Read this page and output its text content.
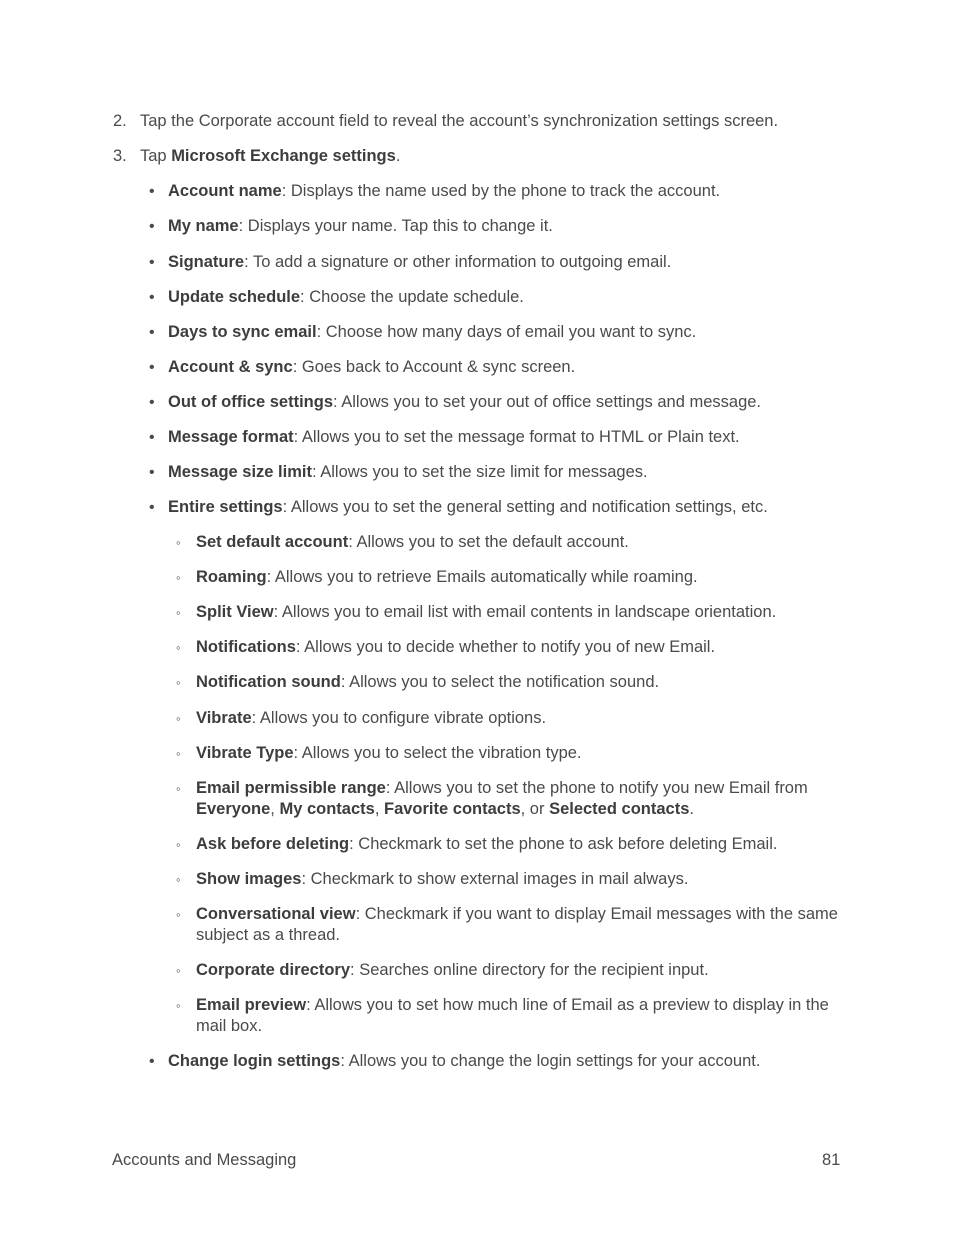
2. Tap the Corporate account field to reveal the account’s synchronization settings screen.
3. Tap Microsoft Exchange settings.
• Account name: Displays the name used by the phone to track the account.
• My name: Displays your name. Tap this to change it.
• Signature: To add a signature or other information to outgoing email.
• Update schedule: Choose the update schedule.
• Days to sync email: Choose how many days of email you want to sync.
• Account & sync: Goes back to Account & sync screen.
• Out of office settings: Allows you to set your out of office settings and message.
• Message format: Allows you to set the message format to HTML or Plain text.
• Message size limit: Allows you to set the size limit for messages.
• Entire settings: Allows you to set the general setting and notification settings, etc.
◦ Set default account: Allows you to set the default account.
◦ Roaming: Allows you to retrieve Emails automatically while roaming.
◦ Split View: Allows you to email list with email contents in landscape orientation.
◦ Notifications: Allows you to decide whether to notify you of new Email.
◦ Notification sound: Allows you to select the notification sound.
◦ Vibrate: Allows you to configure vibrate options.
◦ Vibrate Type: Allows you to select the vibration type.
◦ Email permissible range: Allows you to set the phone to notify you new Email from
Everyone, My contacts, Favorite contacts, or Selected contacts.
◦ Ask before deleting: Checkmark to set the phone to ask before deleting Email.
◦ Show images: Checkmark to show external images in mail always.
◦ Conversational view: Checkmark if you want to display Email messages with the same subject as a thread.
◦ Corporate directory: Searches online directory for the recipient input.
◦ Email preview: Allows you to set how much line of Email as a preview to display in the mail box.
• Change login settings: Allows you to change the login settings for your account.
Accounts and Messaging	81
